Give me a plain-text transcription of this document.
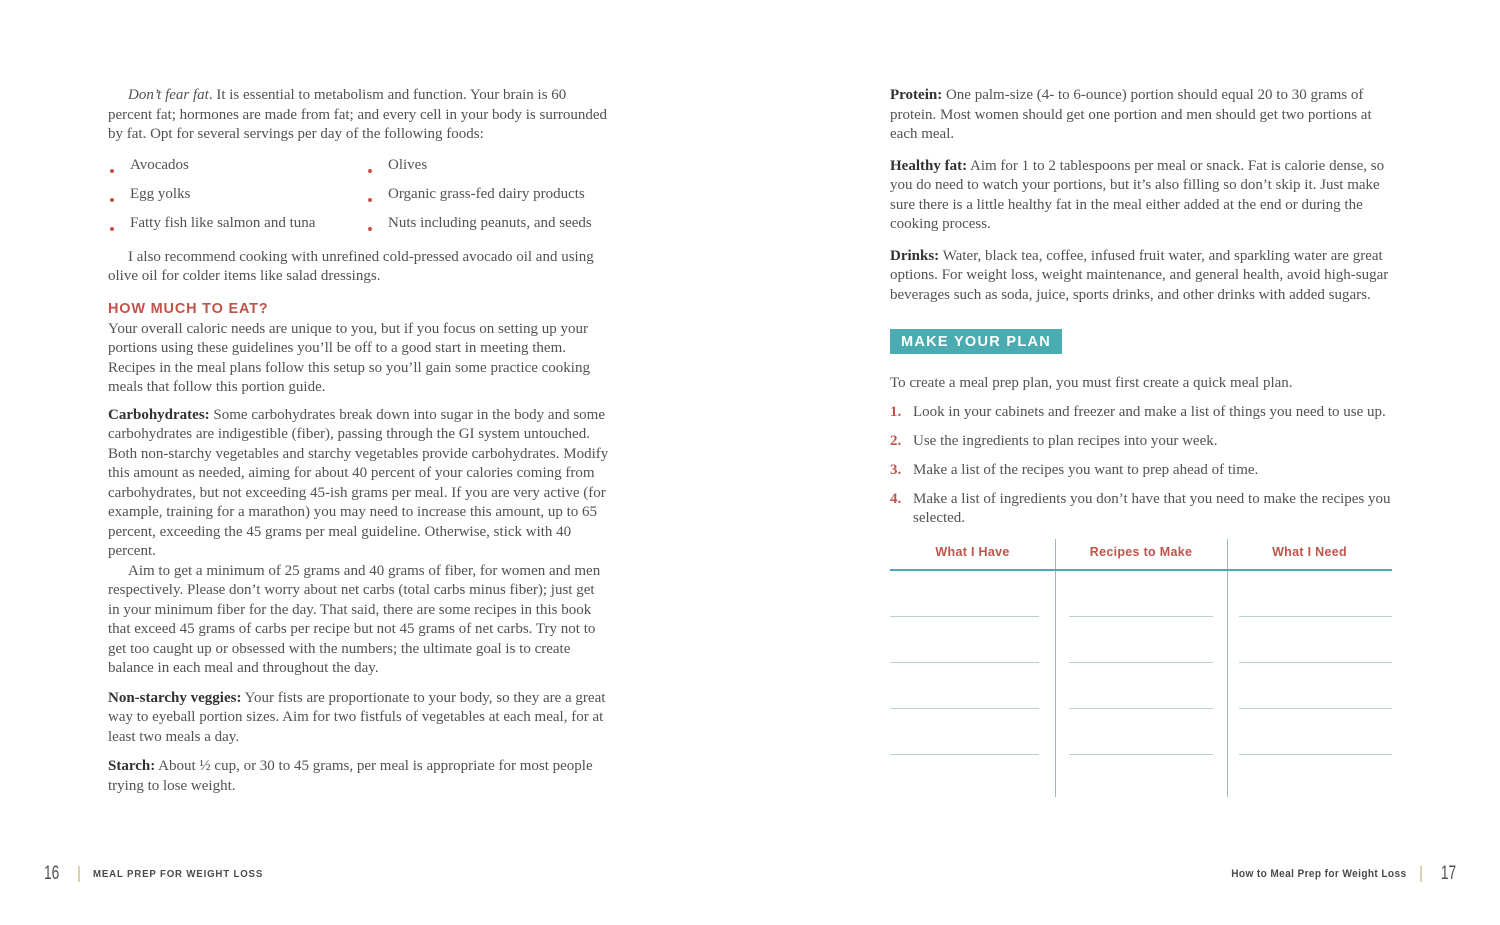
Don’t fear fat. It is essential to metabolism and function. Your brain is 60 percent fat; hormones are made from fat; and every cell in your body is surrounded by fat. Opt for several servings per day of the following foods:

Avocados
Egg yolks
Fatty fish like salmon and tuna
Olives
Organic grass-fed dairy products
Nuts including peanuts, and seeds

I also recommend cooking with unrefined cold-pressed avocado oil and using olive oil for colder items like salad dressings.

HOW MUCH TO EAT?

Your overall caloric needs are unique to you, but if you focus on setting up your portions using these guidelines you’ll be off to a good start in meeting them. Recipes in the meal plans follow this setup so you’ll gain some practice cooking meals that follow this portion guide.

Carbohydrates: Some carbohydrates break down into sugar in the body and some carbohydrates are indigestible (fiber), passing through the GI system untouched. Both non-starchy vegetables and starchy vegetables provide carbohydrates. Modify this amount as needed, aiming for about 40 percent of your calories coming from carbohydrates, but not exceeding 45-ish grams per meal. If you are very active (for example, training for a marathon) you may need to increase this amount, up to 65 percent, exceeding the 45 grams per meal guideline. Otherwise, stick with 40 percent.

Aim to get a minimum of 25 grams and 40 grams of fiber, for women and men respectively. Please don’t worry about net carbs (total carbs minus fiber); just get in your minimum fiber for the day. That said, there are some recipes in this book that exceed 45 grams of carbs per recipe but not 45 grams of net carbs. Try not to get too caught up or obsessed with the numbers; the ultimate goal is to create balance in each meal and throughout the day.

Non-starchy veggies: Your fists are proportionate to your body, so they are a great way to eyeball portion sizes. Aim for two fistfuls of vegetables at each meal, for at least two meals a day.

Starch: About ½ cup, or 30 to 45 grams, per meal is appropriate for most people trying to lose weight.

Protein: One palm-size (4- to 6-ounce) portion should equal 20 to 30 grams of protein. Most women should get one portion and men should get two portions at each meal.

Healthy fat: Aim for 1 to 2 tablespoons per meal or snack. Fat is calorie dense, so you do need to watch your portions, but it’s also filling so don’t skip it. Just make sure there is a little healthy fat in the meal either added at the end or during the cooking process.

Drinks: Water, black tea, coffee, infused fruit water, and sparkling water are great options. For weight loss, weight maintenance, and general health, avoid high-sugar beverages such as soda, juice, sports drinks, and other drinks with added sugars.

MAKE YOUR PLAN

To create a meal prep plan, you must first create a quick meal plan.

1. Look in your cabinets and freezer and make a list of things you need to use up.
2. Use the ingredients to plan recipes into your week.
3. Make a list of the recipes you want to prep ahead of time.
4. Make a list of ingredients you don’t have that you need to make the recipes you selected.
What I Have	Recipes to Make	What I Need
16	MEAL PREP FOR WEIGHT LOSS	How to Meal Prep for Weight Loss 17
